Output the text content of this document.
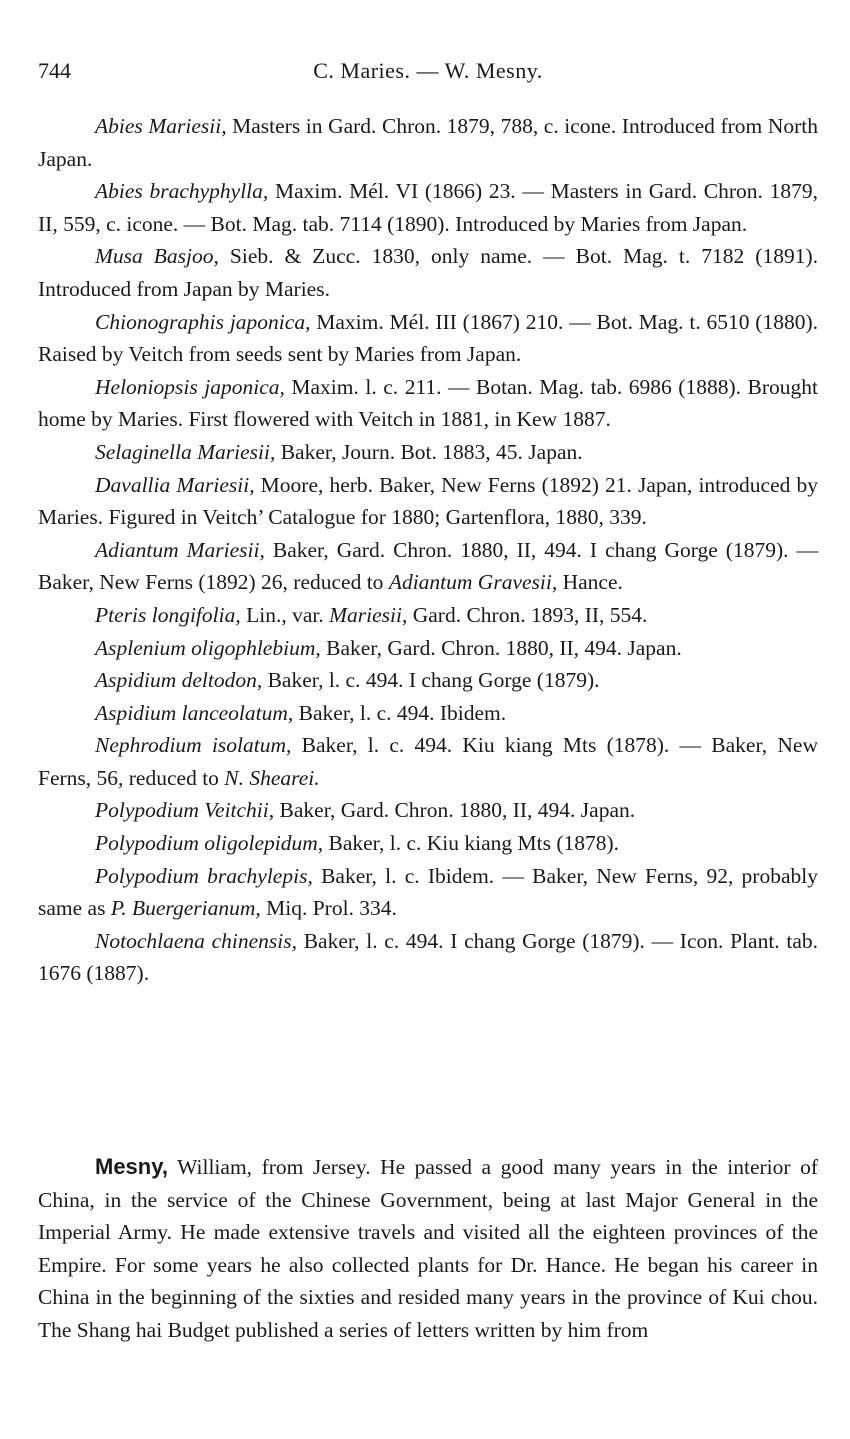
744	C. Maries. — W. Mesny.

Abies Mariesii, Masters in Gard. Chron. 1879, 788, c. icone. Introduced from North Japan.

Abies brachyphylla, Maxim. Mél. VI (1866) 23. — Masters in Gard. Chron. 1879, II, 559, c. icone. — Bot. Mag. tab. 7114 (1890). Introduced by Maries from Japan.

Musa Basjoo, Sieb. & Zucc. 1830, only name. — Bot. Mag. t. 7182 (1891). Introduced from Japan by Maries.

Chionographis japonica, Maxim. Mél. III (1867) 210. — Bot. Mag. t. 6510 (1880). Raised by Veitch from seeds sent by Maries from Japan.

Heloniopsis japonica, Maxim. l. c. 211. — Botan. Mag. tab. 6986 (1888). Brought home by Maries. First flowered with Veitch in 1881, in Kew 1887.

Selaginella Mariesii, Baker, Journ. Bot. 1883, 45. Japan.

Davallia Mariesii, Moore, herb. Baker, New Ferns (1892) 21. Japan, introduced by Maries. Figured in Veitch’ Catalogue for 1880; Gartenflora, 1880, 339.

Adiantum Mariesii, Baker, Gard. Chron. 1880, II, 494. I chang Gorge (1879). — Baker, New Ferns (1892) 26, reduced to Adiantum Gravesii, Hance.

Pteris longifolia, Lin., var. Mariesii, Gard. Chron. 1893, II, 554.

Asplenium oligophlebium, Baker, Gard. Chron. 1880, II, 494. Japan.

Aspidium deltodon, Baker, l. c. 494. I chang Gorge (1879).

Aspidium lanceolatum, Baker, l. c. 494. Ibidem.

Nephrodium isolatum, Baker, l. c. 494. Kiu kiang Mts (1878). — Baker, New Ferns, 56, reduced to N. Shearei.

Polypodium Veitchii, Baker, Gard. Chron. 1880, II, 494. Japan.

Polypodium oligolepidum, Baker, l. c. Kiu kiang Mts (1878).

Polypodium brachylepis, Baker, l. c. Ibidem. — Baker, New Ferns, 92, probably same as P. Buergerianum, Miq. Prol. 334.

Notochlaena chinensis, Baker, l. c. 494. I chang Gorge (1879). — Icon. Plant. tab. 1676 (1887).

Mesny, William, from Jersey. He passed a good many years in the interior of China, in the service of the Chinese Government, being at last Major General in the Imperial Army. He made extensive travels and visited all the eighteen provinces of the Empire. For some years he also collected plants for Dr. Hance. He began his career in China in the beginning of the sixties and resided many years in the province of Kui chou. The Shang hai Budget published a series of letters written by him from
